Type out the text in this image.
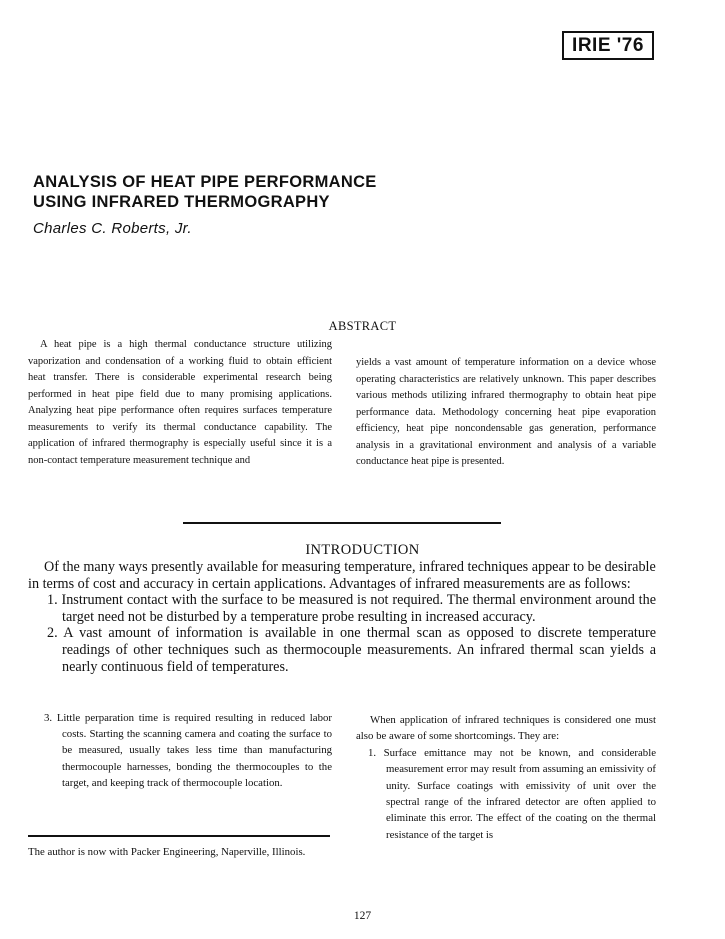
IRIE '76
ANALYSIS OF HEAT PIPE PERFORMANCE
USING INFRARED THERMOGRAPHY
Charles C. Roberts, Jr.
ABSTRACT

A heat pipe is a high thermal conductance structure utilizing vaporization and condensation of a working fluid to obtain efficient heat transfer. There is considerable experimental research being performed in heat pipe field due to many promising applications. Analyzing heat pipe performance often requires surfaces temperature measurements to verify its thermal conductance capability. The application of infrared thermography is especially useful since it is a non-contact temperature measurement technique and

yields a vast amount of temperature information on a device whose operating characteristics are relatively unknown. This paper describes various methods utilizing infrared thermography to obtain heat pipe performance data. Methodology concerning heat pipe evaporation efficiency, heat pipe noncondensable gas generation, performance analysis in a gravitational environment and analysis of a variable conductance heat pipe is presented.

INTRODUCTION

Of the many ways presently available for measuring temperature, infrared techniques appear to be desirable in terms of cost and accuracy in certain applications. Advantages of infrared measurements are as follows:

1. Instrument contact with the surface to be measured is not required. The thermal environment around the target need not be disturbed by a temperature probe resulting in increased accuracy.

2. A vast amount of information is available in one thermal scan as opposed to discrete temperature readings of other techniques such as thermocouple measurements. An infrared thermal scan yields a nearly continuous field of temperatures.

3. Little perparation time is required resulting in reduced labor costs. Starting the scanning camera and coating the surface to be measured, usually takes less time than manufacturing thermocouple harnesses, bonding the thermocouples to the target, and keeping track of thermocouple location.

When application of infrared techniques is considered one must also be aware of some shortcomings. They are:

1. Surface emittance may not be known, and considerable measurement error may result from assuming an emissivity of unity. Surface coatings with emissivity of unit over the spectral range of the infrared detector are often applied to eliminate this error. The effect of the coating on the thermal resistance of the target is

The author is now with Packer Engineering, Naperville, Illinois.
127
